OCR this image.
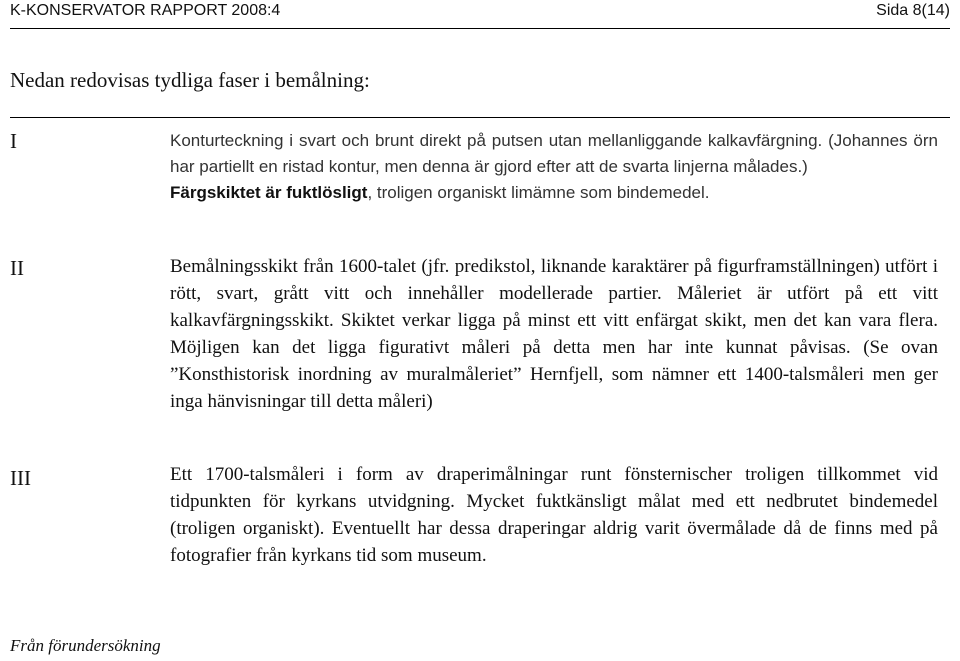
K-KONSERVATOR RAPPORT 2008:4	Sida 8(14)
Nedan redovisas tydliga faser i bemålning:
I	Konturteckning i svart och brunt direkt på putsen utan mellanliggande kalkavfärgning. (Johannes örn har partiellt en ristad kontur, men denna är gjord efter att de svarta linjerna målades.)
Färgskiktet är fuktlösligt, troligen organiskt limämne som bindemedel.

II	Bemålningsskikt från 1600-talet (jfr. predikstol, liknande karaktärer på figurframställningen) utfört i rött, svart, grått vitt och innehåller modellerade partier. Måleriet är utfört på ett vitt kalkavfärgningsskikt. Skiktet verkar ligga på minst ett vitt enfärgat skikt, men det kan vara flera. Möjligen kan det ligga figurativt måleri på detta men har inte kunnat påvisas. (Se ovan ”Konsthistorisk inordning av muralmåleriet” Hernfjell, som nämner ett 1400-talsmåleri men ger inga hänvisningar till detta måleri)

III	Ett 1700-talsmåleri i form av draperimålningar runt fönsternischer troligen tillkommet vid tidpunkten för kyrkans utvidgning. Mycket fuktkänsligt målat med ett nedbrutet bindemedel (troligen organiskt). Eventuellt har dessa draperingar aldrig varit övermålade då de finns med på fotografier från kyrkans tid som museum.

Från förundersökning
